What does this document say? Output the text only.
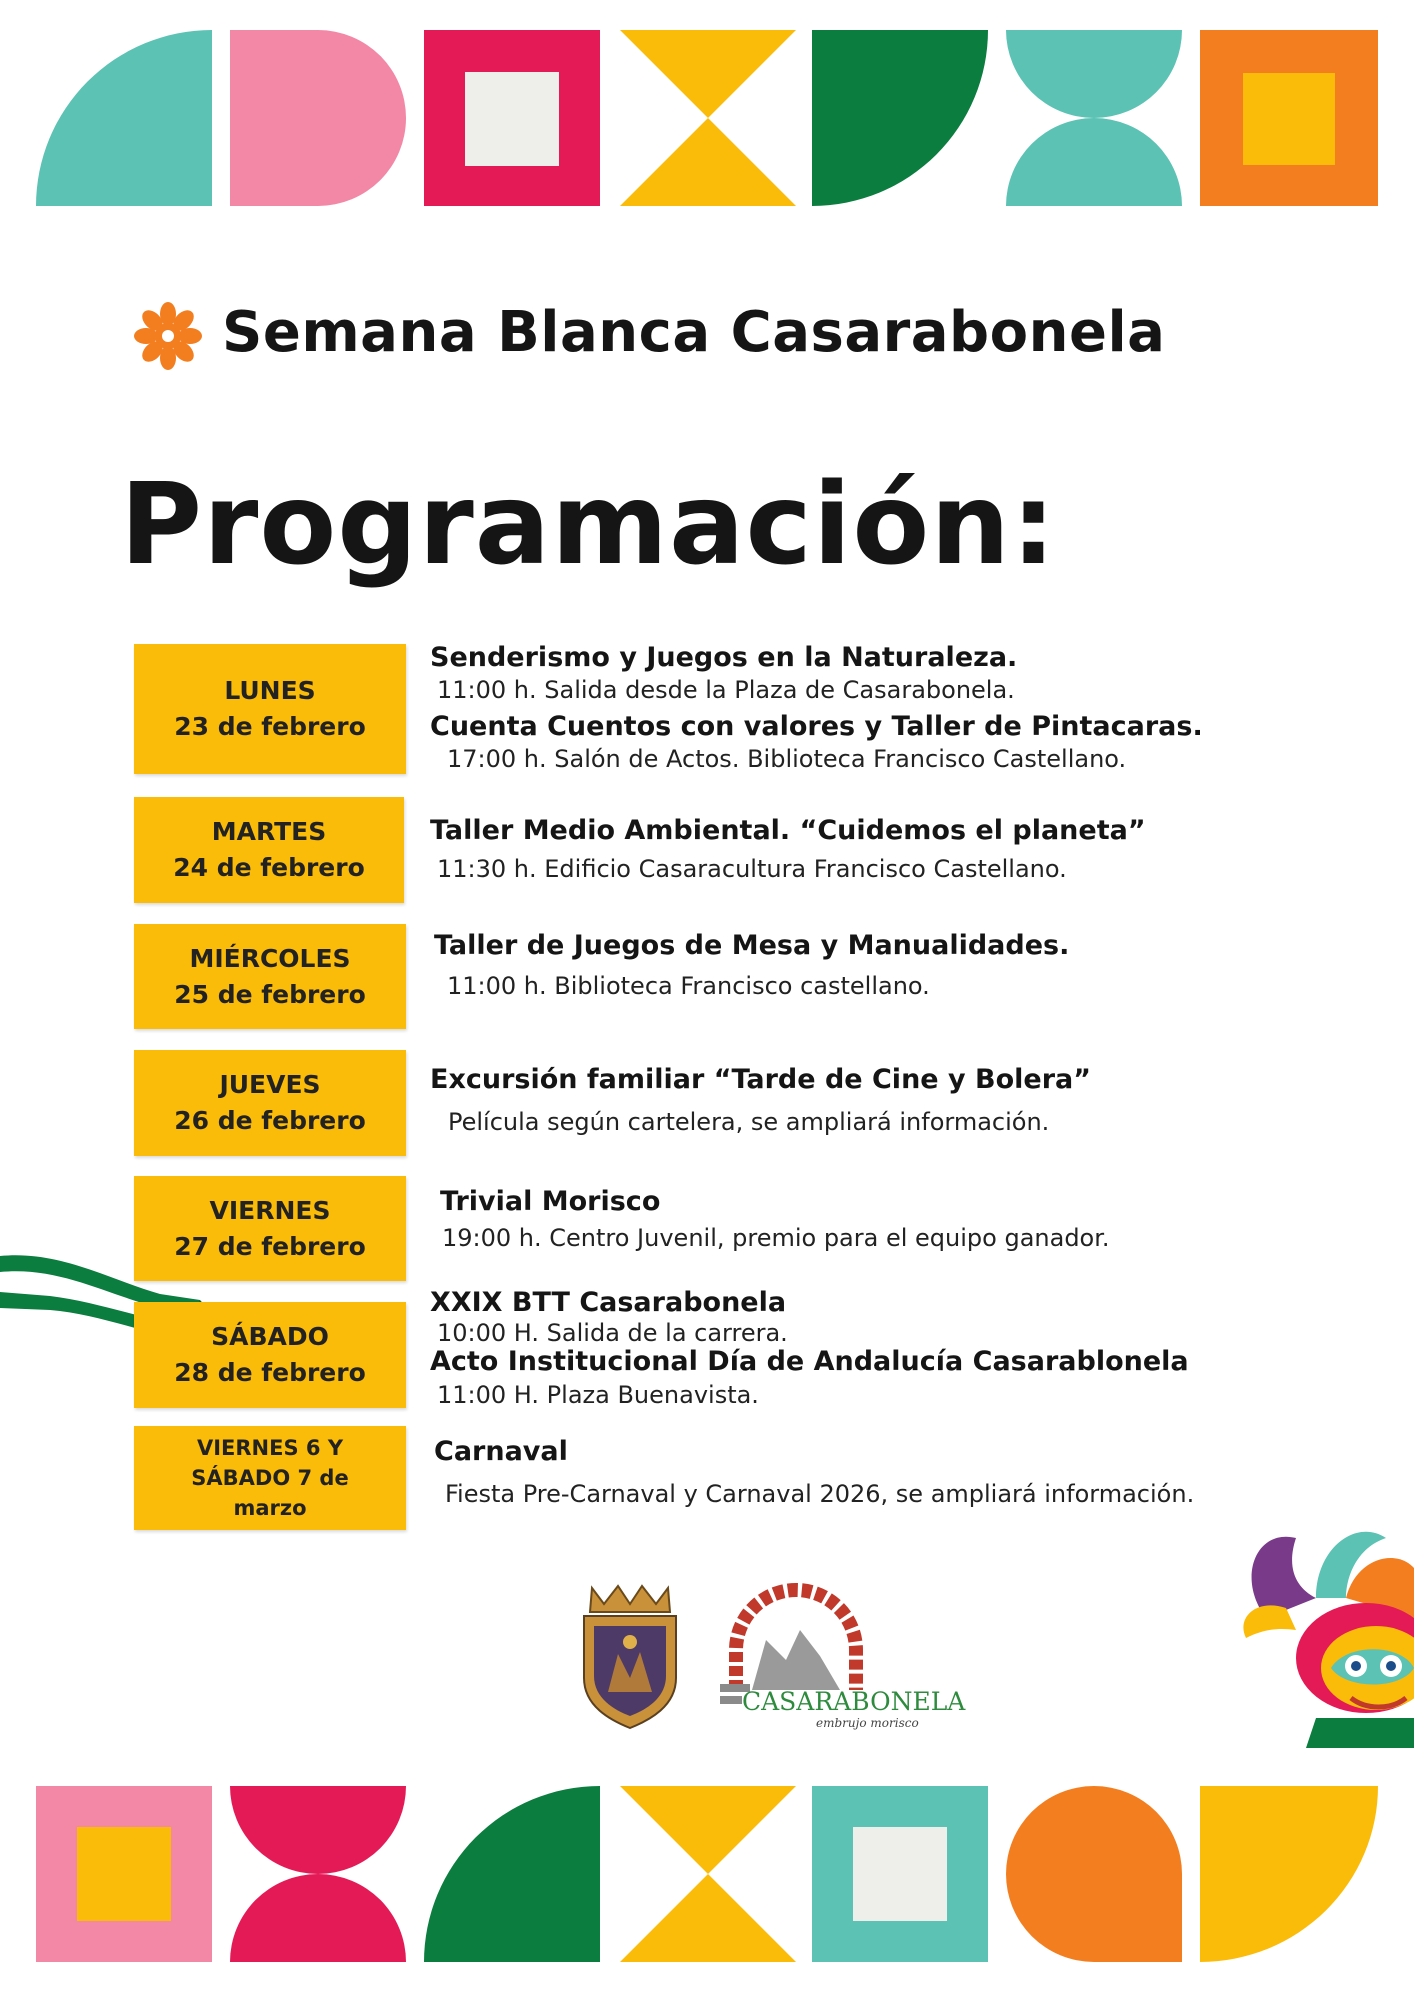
Semana Blanca Casarabonela
Programación:
LUNES
23 de febrero
MARTES
24 de febrero
MIÉRCOLES
25 de febrero
JUEVES
26 de febrero
VIERNES
27 de febrero
SÁBADO
28 de febrero
VIERNES 6 Y SÁBADO 7 de
marzo
Senderismo y Juegos en la Naturaleza.
11:00 h. Salida desde la Plaza de Casarabonela.
Cuenta Cuentos con valores y Taller de Pintacaras.
17:00 h. Salón de Actos. Biblioteca Francisco Castellano.
Taller Medio Ambiental. “Cuidemos el planeta”
11:30 h. Edificio Casaracultura Francisco Castellano.
Taller de Juegos de Mesa y Manualidades.
11:00 h. Biblioteca Francisco castellano.
Excursión familiar “Tarde de Cine y Bolera”
Película según cartelera, se ampliará información.
Trivial Morisco
19:00 h. Centro Juvenil, premio para el equipo ganador.
XXIX BTT Casarabonela
10:00 H. Salida de la carrera.
Acto Institucional Día de Andalucía Casarablonela
11:00 H. Plaza Buenavista.
Carnaval
Fiesta Pre-Carnaval y Carnaval 2026, se ampliará información.
CASARABONELA
embrujo morisco
